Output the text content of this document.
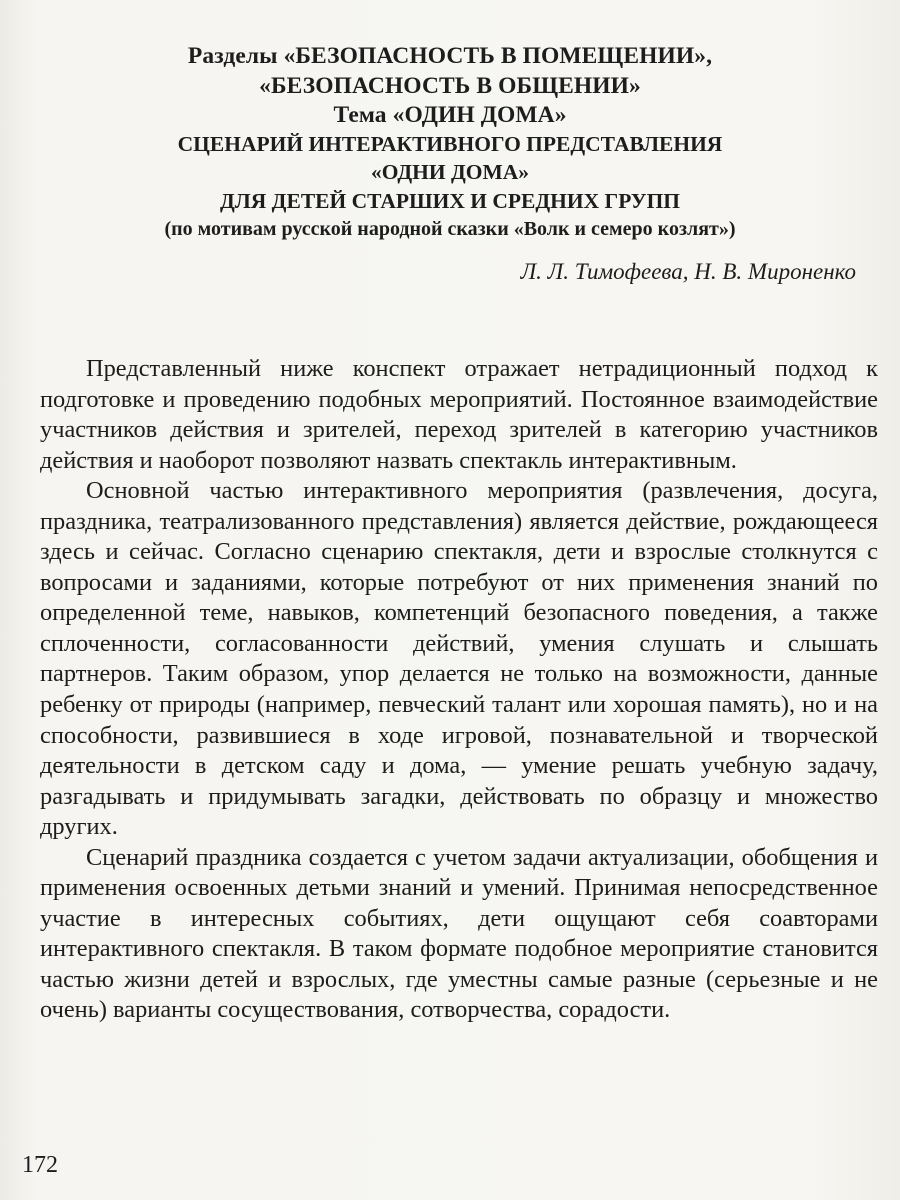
Разделы «БЕЗОПАСНОСТЬ В ПОМЕЩЕНИИ»,
«БЕЗОПАСНОСТЬ В ОБЩЕНИИ»
Тема «ОДИН ДОМА»
СЦЕНАРИЙ ИНТЕРАКТИВНОГО ПРЕДСТАВЛЕНИЯ
«ОДНИ ДОМА»
ДЛЯ ДЕТЕЙ СТАРШИХ И СРЕДНИХ ГРУПП
(по мотивам русской народной сказки «Волк и семеро козлят»)
Л. Л. Тимофеева, Н. В. Мироненко

Представленный ниже конспект отражает нетрадиционный подход к подготовке и проведению подобных мероприятий. Постоянное взаимодействие участников действия и зрителей, переход зрителей в категорию участников действия и наоборот позволяют назвать спектакль интерактивным.

Основной частью интерактивного мероприятия (развлечения, досуга, праздника, театрализованного представления) является действие, рождающееся здесь и сейчас. Согласно сценарию спектакля, дети и взрослые столкнутся с вопросами и заданиями, которые потребуют от них применения знаний по определенной теме, навыков, компетенций безопасного поведения, а также сплоченности, согласованности действий, умения слушать и слышать партнеров. Таким образом, упор делается не только на возможности, данные ребенку от природы (например, певческий талант или хорошая память), но и на способности, развившиеся в ходе игровой, познавательной и творческой деятельности в детском саду и дома, — умение решать учебную задачу, разгадывать и придумывать загадки, действовать по образцу и множество других.

Сценарий праздника создается с учетом задачи актуализации, обобщения и применения освоенных детьми знаний и умений. Принимая непосредственное участие в интересных событиях, дети ощущают себя соавторами интерактивного спектакля. В таком формате подобное мероприятие становится частью жизни детей и взрослых, где уместны самые разные (серьезные и не очень) варианты сосуществования, сотворчества, сорадости.

172
